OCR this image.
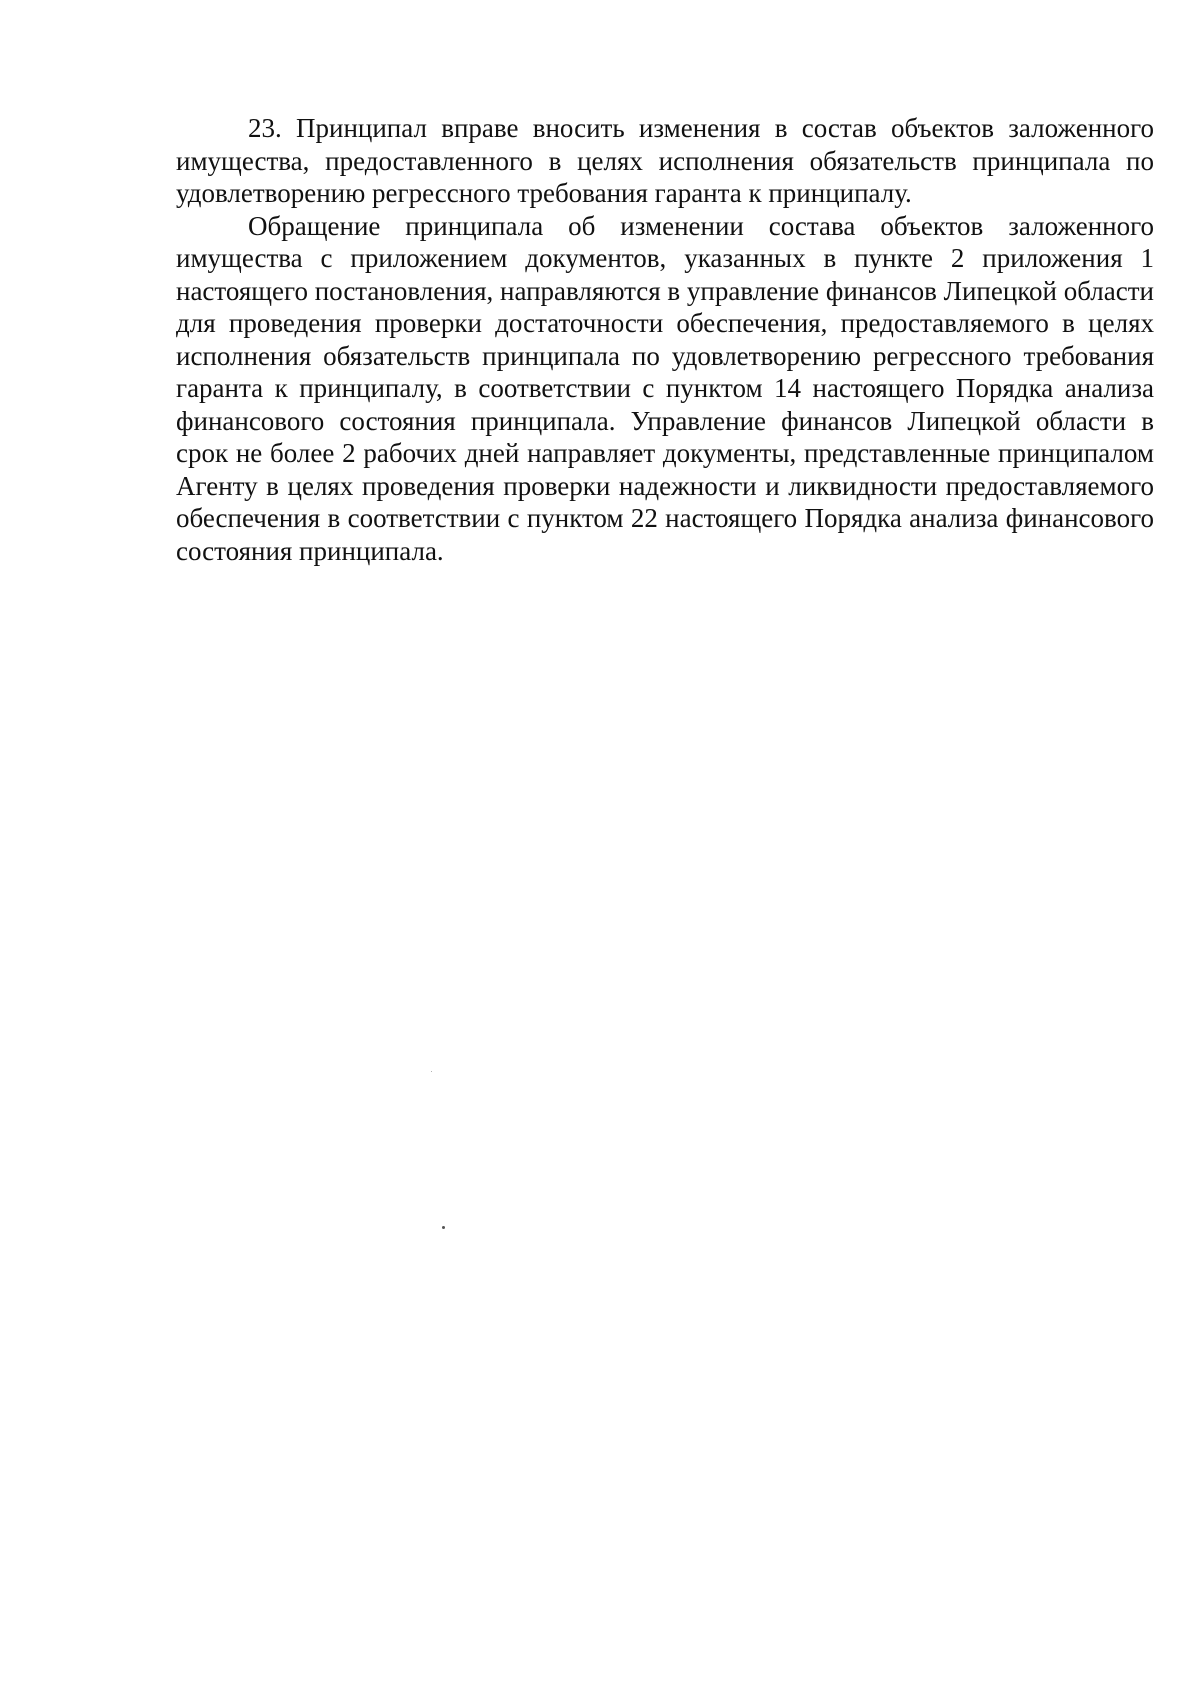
23. Принципал вправе вносить изменения в состав объектов заложенного имущества, предоставленного в целях исполнения обязательств принципала по удовлетворению регрессного требования гаранта к принципалу.

Обращение принципала об изменении состава объектов заложенного имущества с приложением документов, указанных в пункте 2 приложения 1 настоящего постановления, направляются в управление финансов Липецкой области для проведения проверки достаточности обеспечения, предоставляемого в целях исполнения обязательств принципала по удовлетворению регрессного требования гаранта к принципалу, в соответствии с пунктом 14 настоящего Порядка анализа финансового состояния принципала. Управление финансов Липецкой области в срок не более 2 рабочих дней направляет документы, представленные принципалом Агенту в целях проведения проверки надежности и ликвидности предоставляемого обеспечения в соответствии с пунктом 22 настоящего Порядка анализа финансового состояния принципала.
